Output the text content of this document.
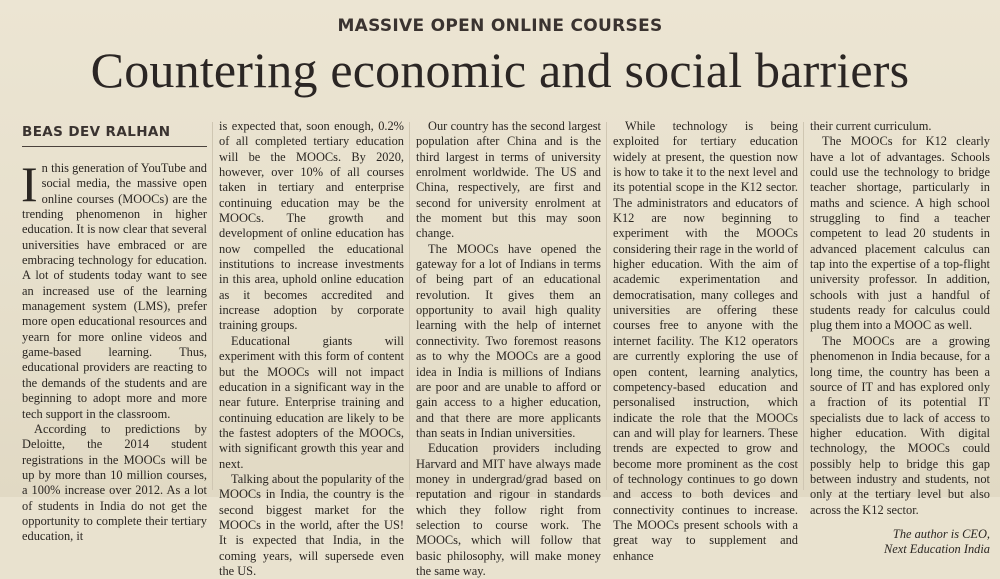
MASSIVE OPEN ONLINE COURSES
Countering economic and social barriers
BEAS DEV RALHAN

In this generation of YouTube and social media, the massive open online courses (MOOCs) are the trending phenomenon in higher education. It is now clear that several universities have embraced or are embracing technology for education. A lot of students today want to see an increased use of the learning management system (LMS), prefer more open educational resources and yearn for more online videos and game-based learning. Thus, educational providers are reacting to the demands of the students and are beginning to adopt more and more tech support in the classroom.

According to predictions by Deloitte, the 2014 student registrations in the MOOCs will be up by more than 10 million courses, a 100% increase over 2012. As a lot of students in India do not get the opportunity to complete their tertiary education, it

is expected that, soon enough, 0.2% of all completed tertiary education will be the MOOCs. By 2020, however, over 10% of all courses taken in tertiary and enterprise continuing education may be the MOOCs. The growth and development of online education has now compelled the educational institutions to increase investments in this area, uphold online education as it becomes accredited and increase adoption by corporate training groups.

Educational giants will experiment with this form of content but the MOOCs will not impact education in a significant way in the near future. Enterprise training and continuing education are likely to be the fastest adopters of the MOOCs, with significant growth this year and next.

Talking about the popularity of the MOOCs in India, the country is the second biggest market for the MOOCs in the world, after the US! It is expected that India, in the coming years, will supersede even the US.

Our country has the second largest population after China and is the third largest in terms of university enrolment worldwide. The US and China, respectively, are first and second for university enrolment at the moment but this may soon change.

The MOOCs have opened the gateway for a lot of Indians in terms of being part of an educational revolution. It gives them an opportunity to avail high quality learning with the help of internet connectivity. Two foremost reasons as to why the MOOCs are a good idea in India is millions of Indians are poor and are unable to afford or gain access to a higher education, and that there are more applicants than seats in Indian universities.

Education providers including Harvard and MIT have always made money in undergrad/grad based on reputation and rigour in standards which they follow right from selection to course work. The MOOCs, which will follow that basic philosophy, will make money the same way.

While technology is being exploited for tertiary education widely at present, the question now is how to take it to the next level and its potential scope in the K12 sector. The administrators and educators of K12 are now beginning to experiment with the MOOCs considering their rage in the world of higher education. With the aim of academic experimentation and democratisation, many colleges and universities are offering these courses free to anyone with the internet facility. The K12 operators are currently exploring the use of open content, learning analytics, competency-based education and personalised instruction, which indicate the role that the MOOCs can and will play for learners. These trends are expected to grow and become more prominent as the cost of technology continues to go down and access to both devices and connectivity continues to increase. The MOOCs present schools with a great way to supplement and enhance

their current curriculum.

The MOOCs for K12 clearly have a lot of advantages. Schools could use the technology to bridge teacher shortage, particularly in maths and science. A high school struggling to find a teacher competent to lead 20 students in advanced placement calculus can tap into the expertise of a top-flight university professor. In addition, schools with just a handful of students ready for calculus could plug them into a MOOC as well.

The MOOCs are a growing phenomenon in India because, for a long time, the country has been a source of IT and has explored only a fraction of its potential IT specialists due to lack of access to higher education. With digital technology, the MOOCs could possibly help to bridge this gap between industry and students, not only at the tertiary level but also across the K12 sector.

The author is CEO,
Next Education India
